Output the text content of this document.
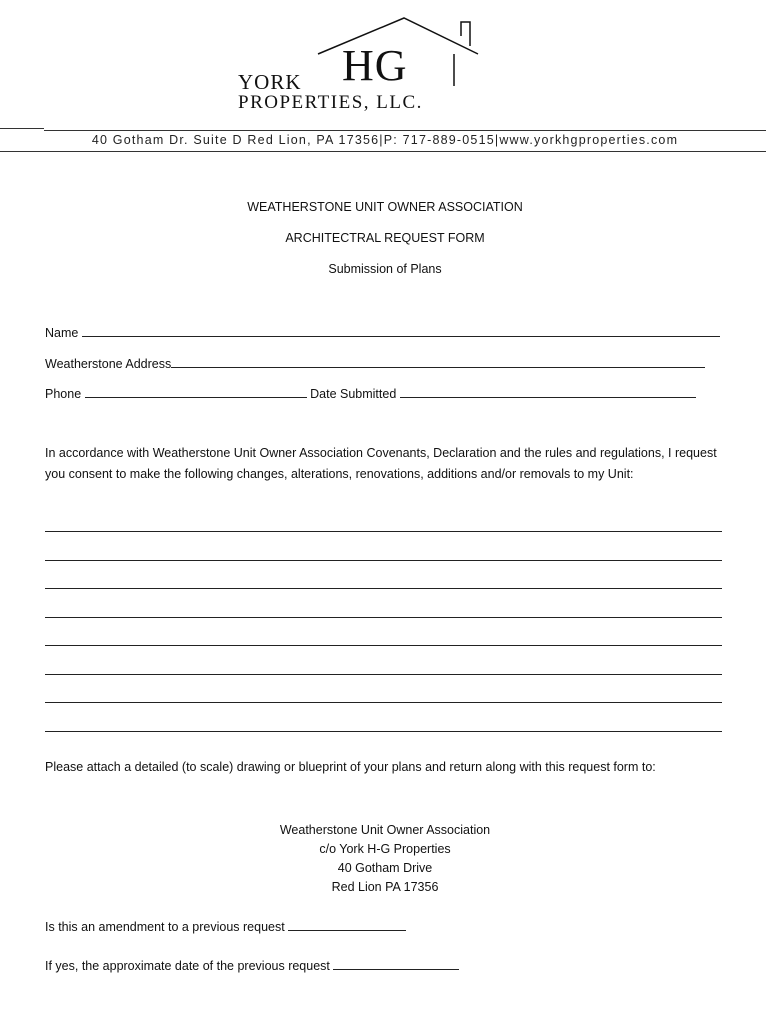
YORK HG
PROPERTIES, LLC.
40 Gotham Dr. Suite D Red Lion, PA 17356|P: 717-889-0515|www.yorkhgproperties.com
WEATHERSTONE UNIT OWNER ASSOCIATION
ARCHITECTRAL REQUEST FORM
Submission of Plans
Name
Weatherstone Address
Phone	Date Submitted
In accordance with Weatherstone Unit Owner Association Covenants, Declaration and the rules and regulations, I request you consent to make the following changes, alterations, renovations, additions and/or removals to my Unit:
Please attach a detailed (to scale) drawing or blueprint of your plans and return along with this request form to:
Weatherstone Unit Owner Association
c/o York H-G Properties
40 Gotham Drive
Red Lion PA 17356
Is this an amendment to a previous request
If yes, the approximate date of the previous request
